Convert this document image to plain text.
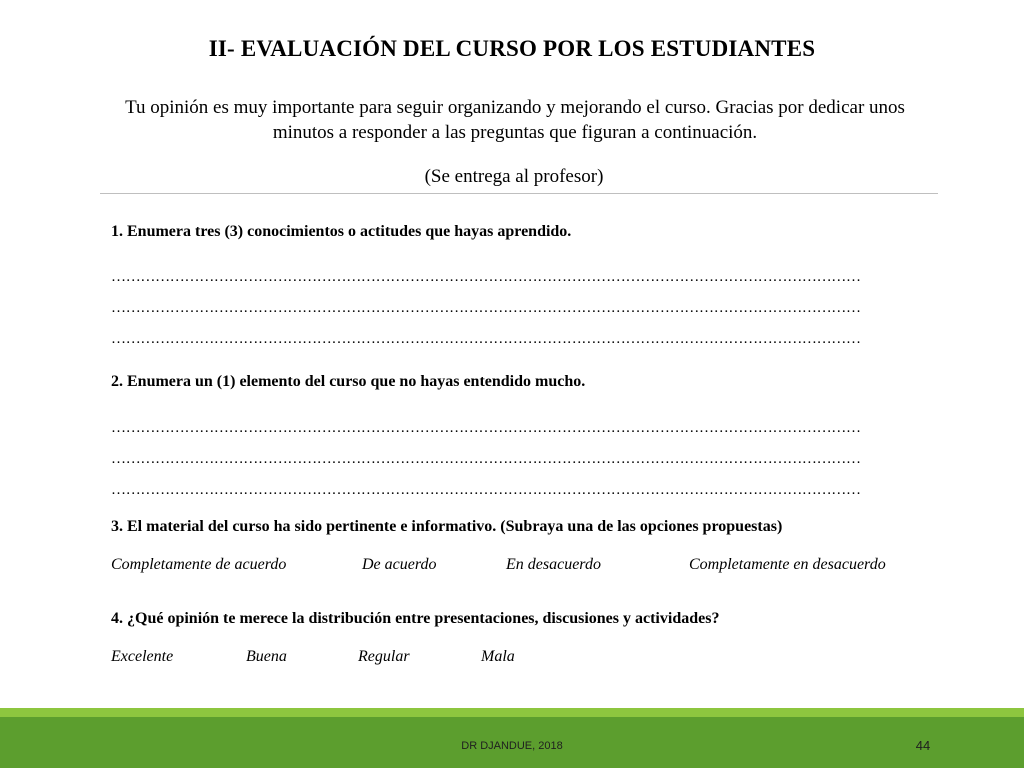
II- EVALUACIÓN DEL CURSO POR LOS ESTUDIANTES
Tu opinión es muy importante para seguir organizando y mejorando el curso. Gracias por dedicar unos minutos a responder a las preguntas que figuran a continuación.
(Se entrega al profesor)
1. Enumera tres (3) conocimientos o actitudes que hayas aprendido.
………………………………………………………………………………………………………………………………………
………………………………………………………………………………………………………………………………………
………………………………………………………………………………………………………………………………………
2. Enumera un (1) elemento del curso que no hayas entendido mucho.
………………………………………………………………………………………………………………………………………
………………………………………………………………………………………………………………………………………
………………………………………………………………………………………………………………………………………
3. El material del curso ha sido pertinente e informativo. (Subraya una de las opciones propuestas)
Completamente de acuerdo	De acuerdo	En desacuerdo	Completamente en desacuerdo
4. ¿Qué opinión te merece la distribución entre presentaciones, discusiones y actividades?
Excelente	Buena	Regular	Mala
DR DJANDUE, 2018	44
